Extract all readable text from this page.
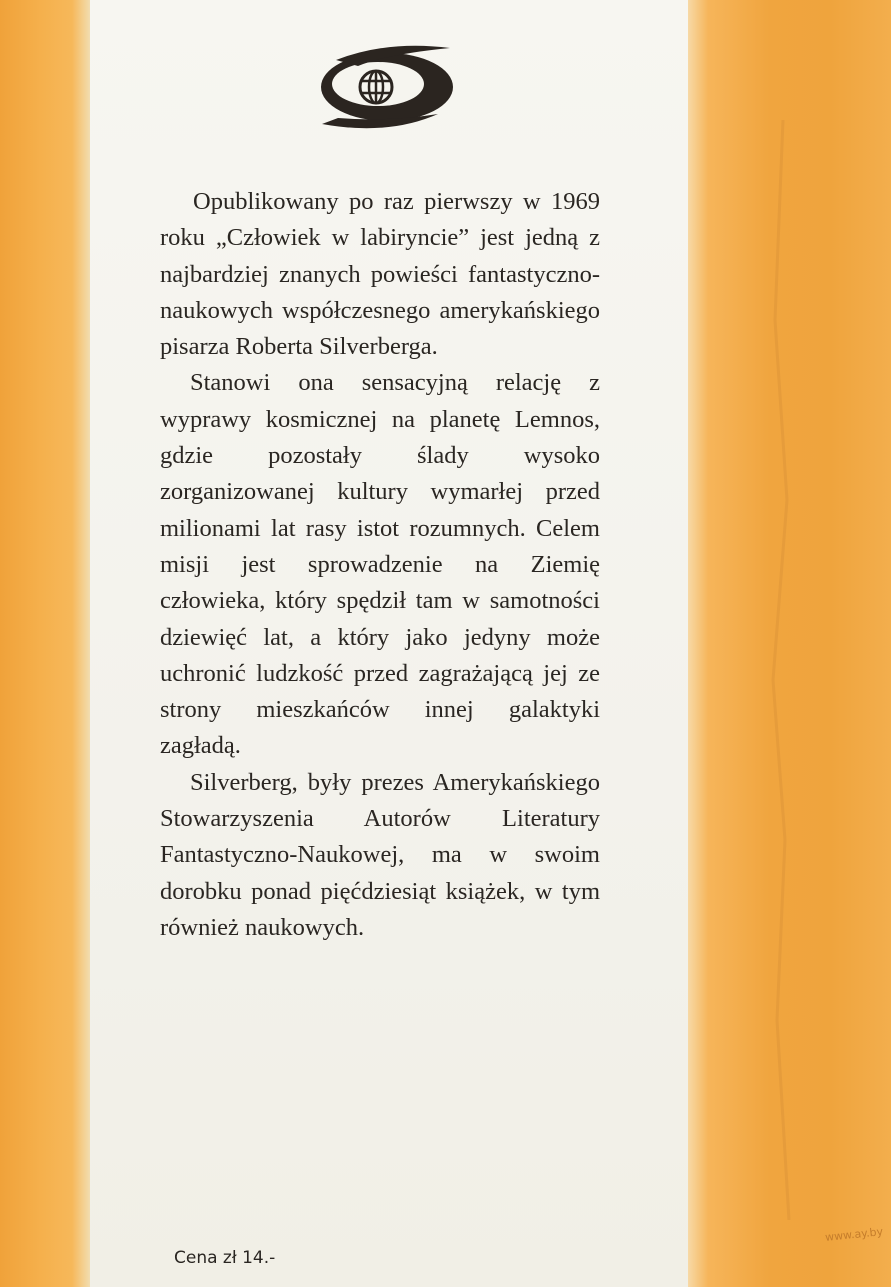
Opublikowany po raz pierwszy w 1969 roku „Człowiek w labiryncie” jest jedną z najbardziej znanych powieści fantastyczno-naukowych współczesnego amerykańskiego pisarza Roberta Silverberga.

Stanowi ona sensacyjną relację z wyprawy kosmicznej na planetę Lemnos, gdzie pozostały ślady wysoko zorganizowanej kultury wymarłej przed milionami lat rasy istot rozumnych. Celem misji jest sprowadzenie na Ziemię człowieka, który spędził tam w samotności dziewięć lat, a który jako jedyny może uchronić ludzkość przed zagrażającą jej ze strony mieszkańców innej galaktyki zagładą.

Silverberg, były prezes Amerykańskiego Stowarzyszenia Autorów Literatury Fantastyczno-Naukowej, ma w swoim dorobku ponad pięćdziesiąt książek, w tym również naukowych.

Cena zł 14.-
www.ay.by
